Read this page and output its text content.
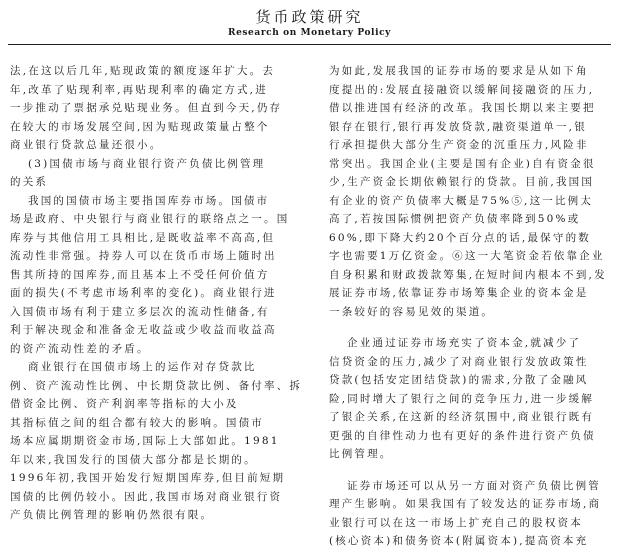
货币政策研究
Research on Monetary Policy
法,在这以后几年,贴现政策的额度逐年扩大。去
年,改革了贴现利率,再贴现利率的确定方式,进
一步推动了票据承兑贴现业务。但直到今天,仍存
在较大的市场发展空间,因为贴现政策量占整个
商业银行贷款总量还很小。
(3)国债市场与商业银行资产负债比例管理
的关系
我国的国债市场主要指国库券市场。国债市
场是政府、中央银行与商业银行的联络点之一。国
库券与其他信用工具相比,是既收益率不高高,但
流动性非常强。持券人可以在货币市场上随时出
售其所持的国库券,而且基本上不受任何价值方
面的损失(不考虑市场利率的变化)。商业银行进
入国债市场有利于建立多层次的流动性储备,有
利于解决现金和准备金无收益或少收益而收益高
的资产流动性差的矛盾。
商业银行在国债市场上的运作对存贷款比
例、资产流动性比例、中长期贷款比例、备付率、拆
借资金比例、资产利润率等指标的大小及
其指标值之间的组合都有较大的影响。国债市
场本应属期期资金市场,国际上大部如此。1981
年以来,我国发行的国债大部分都是长期的。
1996年初,我国开始发行短期国库券,但目前短期
国债的比例仍较小。因此,我国市场对商业银行资
产负债比例管理的影响仍然很有限。
为如此,发展我国的证券市场的要求是从如下角
度提出的:发展直接融资以缓解间接融资的压力,
借以推进国有经济的改革。我国长期以来主要把
银存在银行,银行再发放贷款,融资渠道单一,银
行承担提供大部分生产资金的沉重压力,风险非
常突出。我国企业(主要是国有企业)自有资金很
少,生产资金长期依赖银行的贷款。目前,我国国
有企业的资产负债率大概是75%⑤,这一比例太
高了,若按国际惯例把资产负债率降到50%或
60%,即下降大约20个百分点的话,最保守的数
字也需要1万亿资金。⑥这一大笔资金若依靠企业
自身积累和财政拨款筹集,在短时间内根本不到,发
展证券市场,依靠证券市场筹集企业的资本金是
一条较好的容易见效的渠道。
企业通过证券市场充实了资本金,就减少了
信贷资金的压力,减少了对商业银行发放政策性
贷款(包括安定团结贷款)的需求,分散了金融风
险,同时增大了银行之间的竞争压力,进一步缓解
了银企关系,在这新的经济氛围中,商业银行既有
更强的自律性动力也有更好的条件进行资产负债
比例管理。
证券市场还可以从另一方面对资产负债比例管
理产生影响。如果我国有了较发达的证券市场,商
业银行可以在这一市场上扩充自己的股权资本
(核心资本)和债务资本(附属资本),提高资本充
